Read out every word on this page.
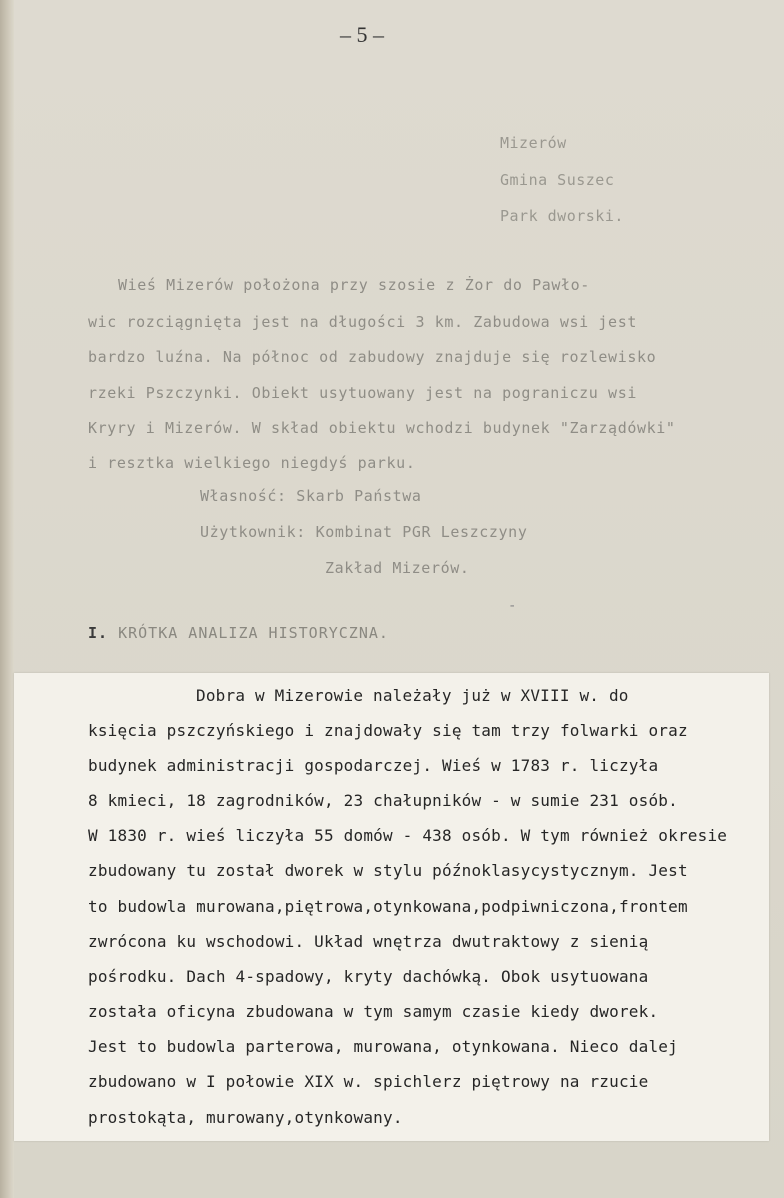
– 5 –
Mizerów
Gmina Suszec
Park dworski.
Wieś Mizerów położona przy szosie z Żor do Pawło-
wic rozciągnięta jest na długości 3 km. Zabudowa wsi jest
bardzo luźna. Na północ od zabudowy znajduje się rozlewisko
rzeki Pszczynki. Obiekt usytuowany jest na pograniczu wsi
Kryry i Mizerów. W skład obiektu wchodzi budynek "Zarządówki"
i resztka wielkiego niegdyś parku.
Własność: Skarb Państwa
Użytkownik: Kombinat PGR Leszczyny
Zakład Mizerów.
-
I. KRÓTKA ANALIZA HISTORYCZNA.
Dobra w Mizerowie należały już w XVIII w. do
księcia pszczyńskiego i znajdowały się tam trzy folwarki oraz
budynek administracji gospodarczej. Wieś w 1783 r. liczyła
8 kmieci, 18 zagrodników, 23 chałupników - w sumie 231 osób.
W 1830 r. wieś liczyła 55 domów - 438 osób. W tym również okresie
zbudowany tu został dworek w stylu późnoklasycystycznym. Jest
to budowla murowana,piętrowa,otynkowana,podpiwniczona,frontem
zwrócona ku wschodowi. Układ wnętrza dwutraktowy z sienią
pośrodku. Dach 4-spadowy, kryty dachówką. Obok usytuowana
została oficyna zbudowana w tym samym czasie kiedy dworek.
Jest to budowla parterowa, murowana, otynkowana. Nieco dalej
zbudowano w I połowie XIX w. spichlerz piętrowy na rzucie
prostokąta, murowany,otynkowany.
